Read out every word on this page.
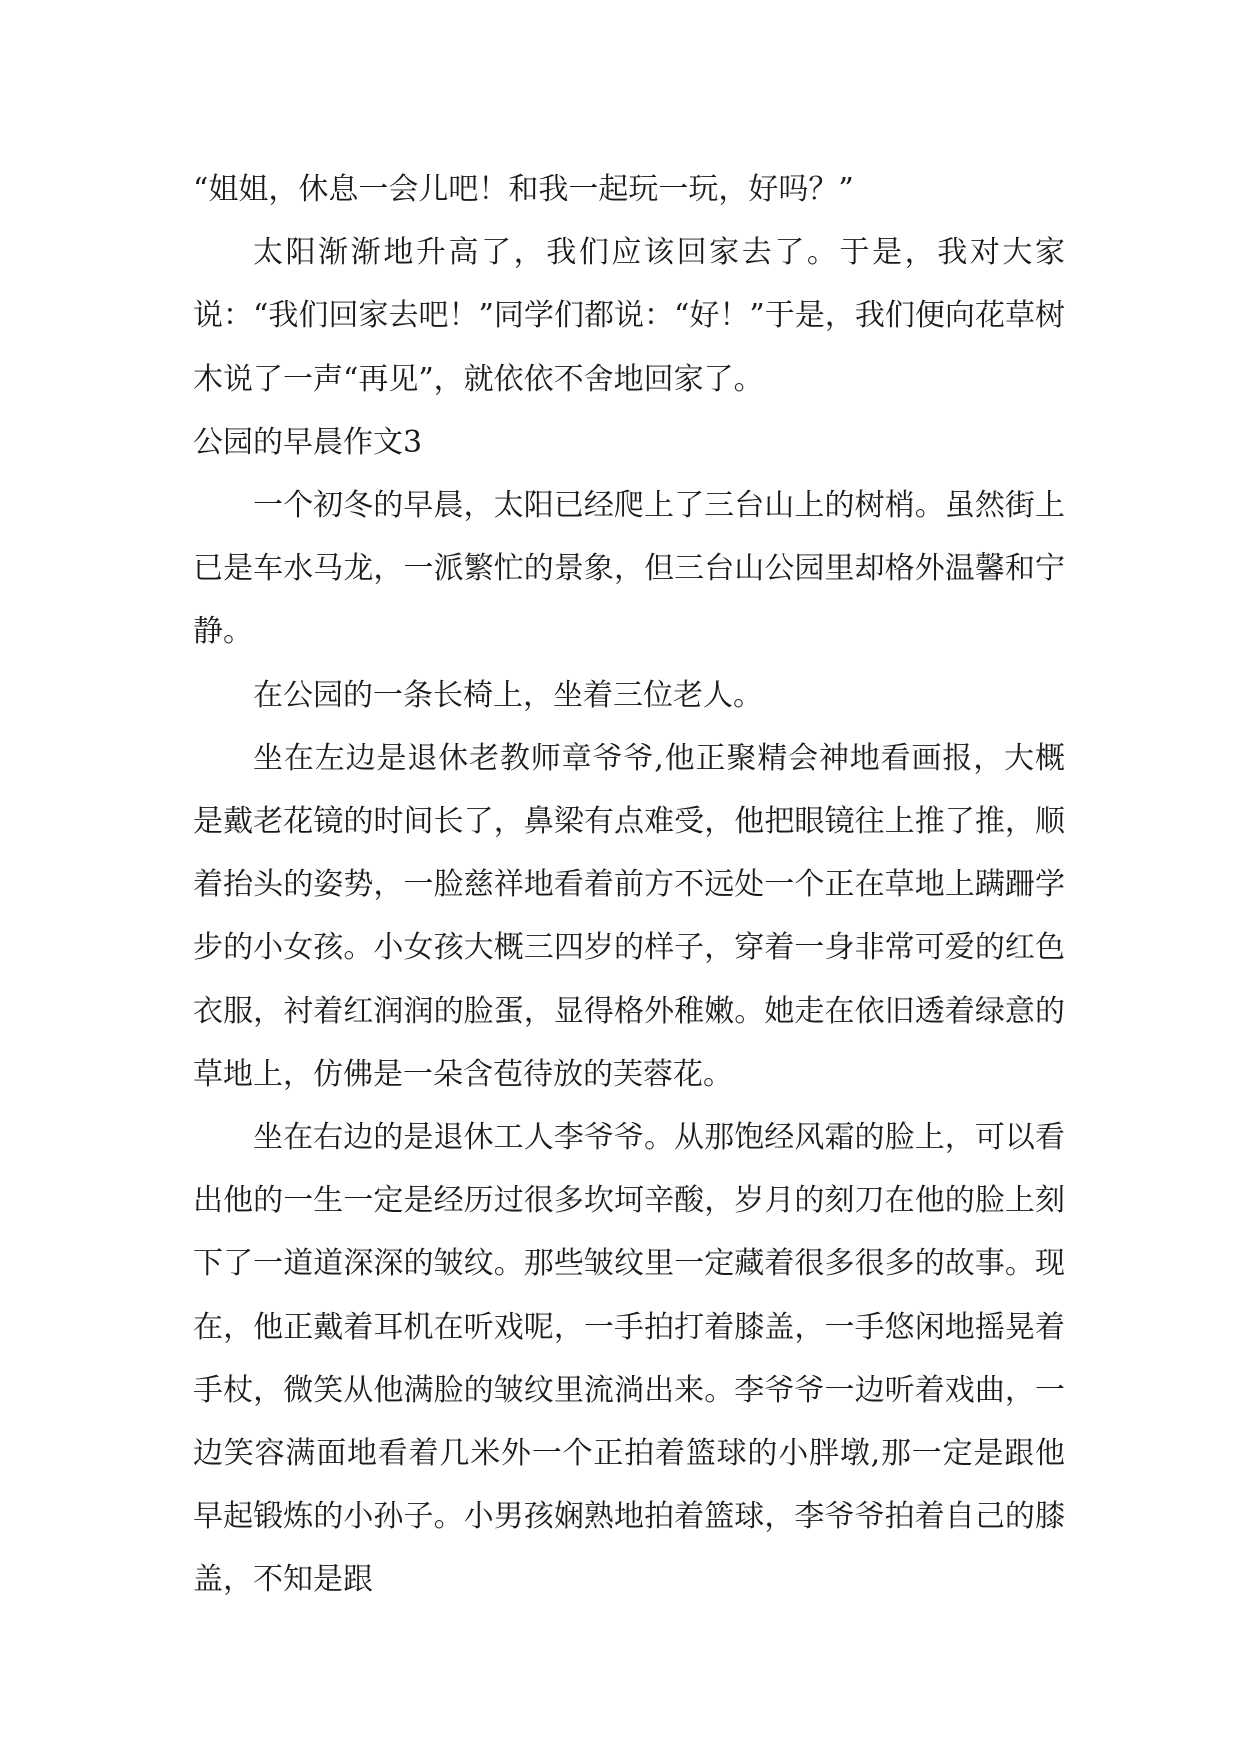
“姐姐，休息一会儿吧！和我一起玩一玩，好吗？”

太阳渐渐地升高了，我们应该回家去了。于是，我对大家说：“我们回家去吧！”同学们都说：“好！”于是，我们便向花草树木说了一声“再见”，就依依不舍地回家了。

公园的早晨作文3

一个初冬的早晨，太阳已经爬上了三台山上的树梢。虽然街上已是车水马龙，一派繁忙的景象，但三台山公园里却格外温馨和宁静。

在公园的一条长椅上，坐着三位老人。

坐在左边是退休老教师章爷爷,他正聚精会神地看画报，大概是戴老花镜的时间长了，鼻梁有点难受，他把眼镜往上推了推，顺着抬头的姿势，一脸慈祥地看着前方不远处一个正在草地上蹒跚学步的小女孩。小女孩大概三四岁的样子，穿着一身非常可爱的红色衣服，衬着红润润的脸蛋，显得格外稚嫩。她走在依旧透着绿意的草地上，仿佛是一朵含苞待放的芙蓉花。

坐在右边的是退休工人李爷爷。从那饱经风霜的脸上，可以看出他的一生一定是经历过很多坎坷辛酸，岁月的刻刀在他的脸上刻下了一道道深深的皱纹。那些皱纹里一定藏着很多很多的故事。现在，他正戴着耳机在听戏呢，一手拍打着膝盖，一手悠闲地摇晃着手杖，微笑从他满脸的皱纹里流淌出来。李爷爷一边听着戏曲，一边笑容满面地看着几米外一个正拍着篮球的小胖墩,那一定是跟他早起锻炼的小孙子。小男孩娴熟地拍着篮球，李爷爷拍着自己的膝盖，不知是跟
